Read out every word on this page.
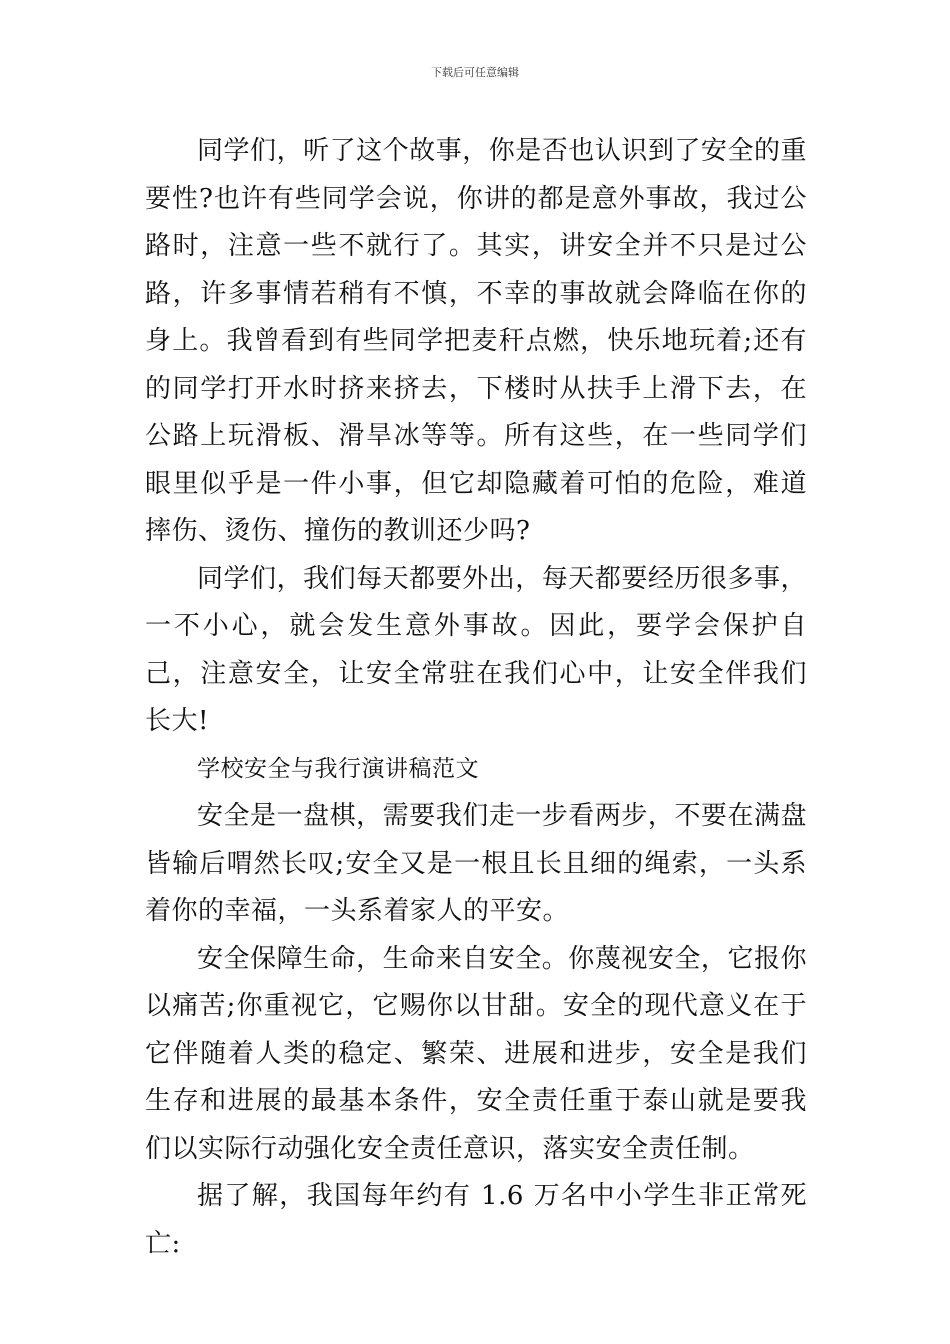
下载后可任意编辑

同学们，听了这个故事，你是否也认识到了安全的重要性?也许有些同学会说，你讲的都是意外事故，我过公路时，注意一些不就行了。其实，讲安全并不只是过公路，许多事情若稍有不慎，不幸的事故就会降临在你的身上。我曾看到有些同学把麦秆点燃，快乐地玩着;还有的同学打开水时挤来挤去，下楼时从扶手上滑下去，在公路上玩滑板、滑旱冰等等。所有这些，在一些同学们眼里似乎是一件小事，但它却隐藏着可怕的危险，难道摔伤、烫伤、撞伤的教训还少吗?

同学们，我们每天都要外出，每天都要经历很多事，一不小心，就会发生意外事故。因此，要学会保护自己，注意安全，让安全常驻在我们心中，让安全伴我们长大!

学校安全与我行演讲稿范文

安全是一盘棋，需要我们走一步看两步，不要在满盘皆输后喟然长叹;安全又是一根且长且细的绳索，一头系着你的幸福，一头系着家人的平安。

安全保障生命，生命来自安全。你蔑视安全，它报你以痛苦;你重视它，它赐你以甘甜。安全的现代意义在于它伴随着人类的稳定、繁荣、进展和进步，安全是我们生存和进展的最基本条件，安全责任重于泰山就是要我们以实际行动强化安全责任意识，落实安全责任制。

据了解，我国每年约有 1.6 万名中小学生非正常死亡:
